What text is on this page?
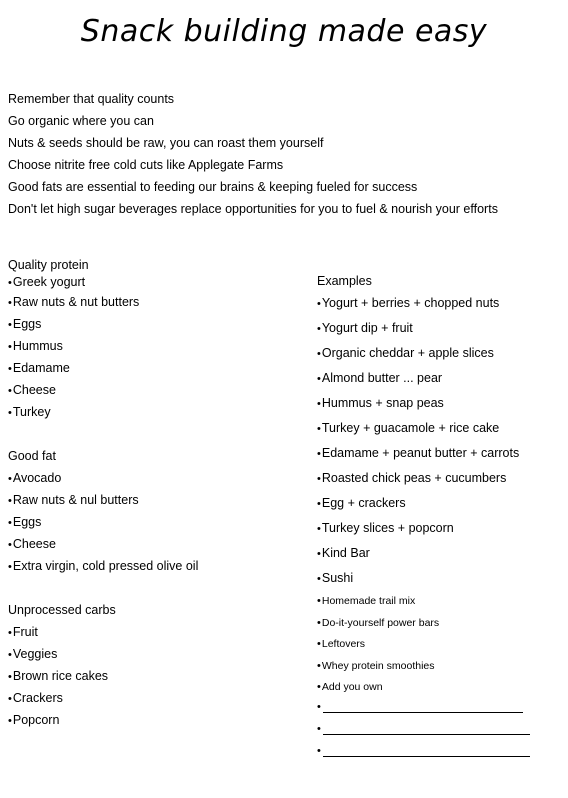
Snack building made easy
Remember that quality counts
Go organic where you can
Nuts & seeds should be raw, you can roast them yourself
Choose nitrite free cold cuts like Applegate Farms
Good fats are essential to feeding our brains & keeping fueled for success
Don't let high sugar beverages replace opportunities for you to fuel & nourish your efforts
Quality protein
•Greek yogurt
•Raw nuts & nut butters
•Eggs
•Hummus
•Edamame
•Cheese
•Turkey
Good fat
•Avocado
•Raw nuts & nul butters
•Eggs
•Cheese
•Extra virgin, cold pressed olive oil
Unprocessed carbs
•Fruit
•Veggies
•Brown rice cakes
•Crackers
•Popcorn
Examples
•Yogurt + berries + chopped nuts
•Yogurt dip + fruit
•Organic cheddar + apple slices
•Almond butter ... pear
•Hummus + snap peas
•Turkey + guacamole + rice cake
•Edamame + peanut butter + carrots
•Roasted chick peas + cucumbers
•Egg + crackers
•Turkey slices + popcorn
•Kind Bar
•Sushi
•Homemade trail mix
•Do-it-yourself power bars
•Leftovers
•Whey protein smoothies
•Add you own
•
•
•
